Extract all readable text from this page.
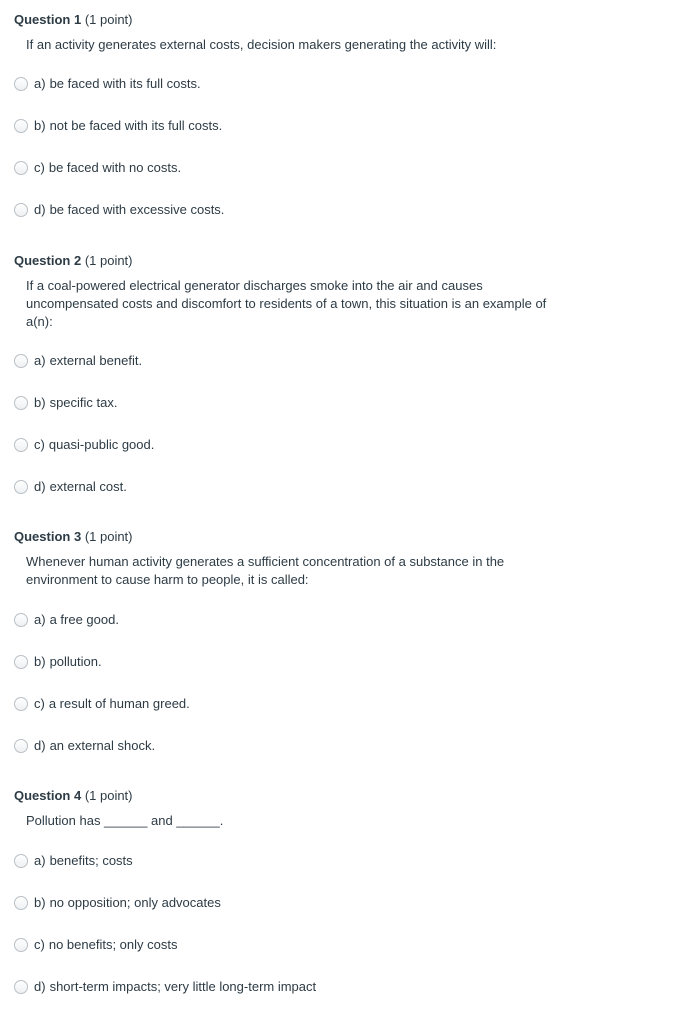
Question 1 (1 point)
If an activity generates external costs, decision makers generating the activity will:
a) be faced with its full costs.
b) not be faced with its full costs.
c) be faced with no costs.
d) be faced with excessive costs.
Question 2 (1 point)
If a coal-powered electrical generator discharges smoke into the air and causes uncompensated costs and discomfort to residents of a town, this situation is an example of a(n):
a) external benefit.
b) specific tax.
c) quasi-public good.
d) external cost.
Question 3 (1 point)
Whenever human activity generates a sufficient concentration of a substance in the environment to cause harm to people, it is called:
a) a free good.
b) pollution.
c) a result of human greed.
d) an external shock.
Question 4 (1 point)
Pollution has ______ and ______.
a) benefits; costs
b) no opposition; only advocates
c) no benefits; only costs
d) short-term impacts; very little long-term impact
